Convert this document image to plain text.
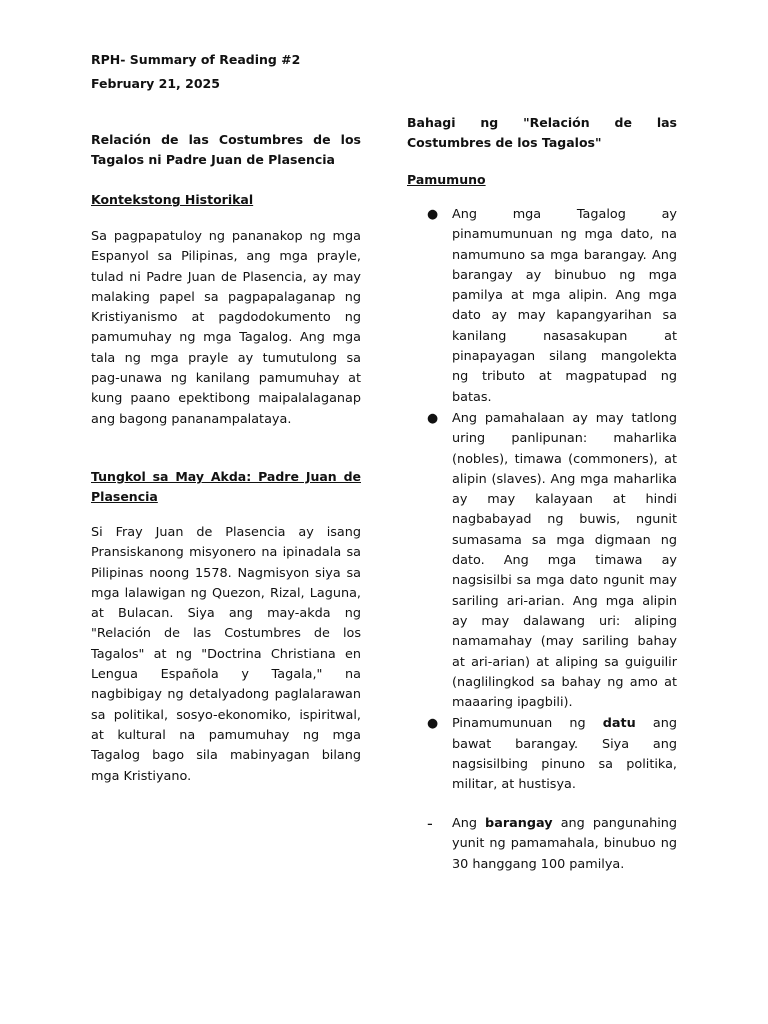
RPH- Summary of Reading #2
February 21, 2025
Relación de las Costumbres de los Tagalos ni Padre Juan de Plasencia
Kontekstong Historikal
Sa pagpapatuloy ng pananakop ng mga Espanyol sa Pilipinas, ang mga prayle, tulad ni Padre Juan de Plasencia, ay may malaking papel sa pagpapalaganap ng Kristiyanismo at pagdodokumento ng pamumuhay ng mga Tagalog. Ang mga tala ng mga prayle ay tumutulong sa pag-unawa ng kanilang pamumuhay at kung paano epektibong maipalalaganap ang bagong pananampalataya.
Tungkol sa May Akda: Padre Juan de Plasencia
Si Fray Juan de Plasencia ay isang Pransiskanong misyonero na ipinadala sa Pilipinas noong 1578. Nagmisyon siya sa mga lalawigan ng Quezon, Rizal, Laguna, at Bulacan. Siya ang may-akda ng "Relación de las Costumbres de los Tagalos" at ng "Doctrina Christiana en Lengua Española y Tagala," na nagbibigay ng detalyadong paglalarawan sa politikal, sosyo-ekonomiko, ispiritwal, at kultural na pamumuhay ng mga Tagalog bago sila mabinyagan bilang mga Kristiyano.
Bahagi ng "Relación de las Costumbres de los Tagalos"
Pamumuno
● Ang mga Tagalog ay pinamumunuan ng mga dato, na namumuno sa mga barangay. Ang barangay ay binubuo ng mga pamilya at mga alipin. Ang mga dato ay may kapangyarihan sa kanilang nasasakupan at pinapayagan silang mangolekta ng tributo at magpatupad ng batas.
● Ang pamahalaan ay may tatlong uring panlipunan: maharlika (nobles), timawa (commoners), at alipin (slaves). Ang mga maharlika ay may kalayaan at hindi nagbabayad ng buwis, ngunit sumasama sa mga digmaan ng dato. Ang mga timawa ay nagsisilbi sa mga dato ngunit may sariling ari-arian. Ang mga alipin ay may dalawang uri: aliping namamahay (may sariling bahay at ari-arian) at aliping sa guiguilir (naglilingkod sa bahay ng amo at maaaring ipagbili).
● Pinamumunuan ng datu ang bawat barangay. Siya ang nagsisilbing pinuno sa politika, militar, at hustisya.
-	Ang barangay ang pangunahing yunit ng pamamahala, binubuo ng 30 hanggang 100 pamilya.
